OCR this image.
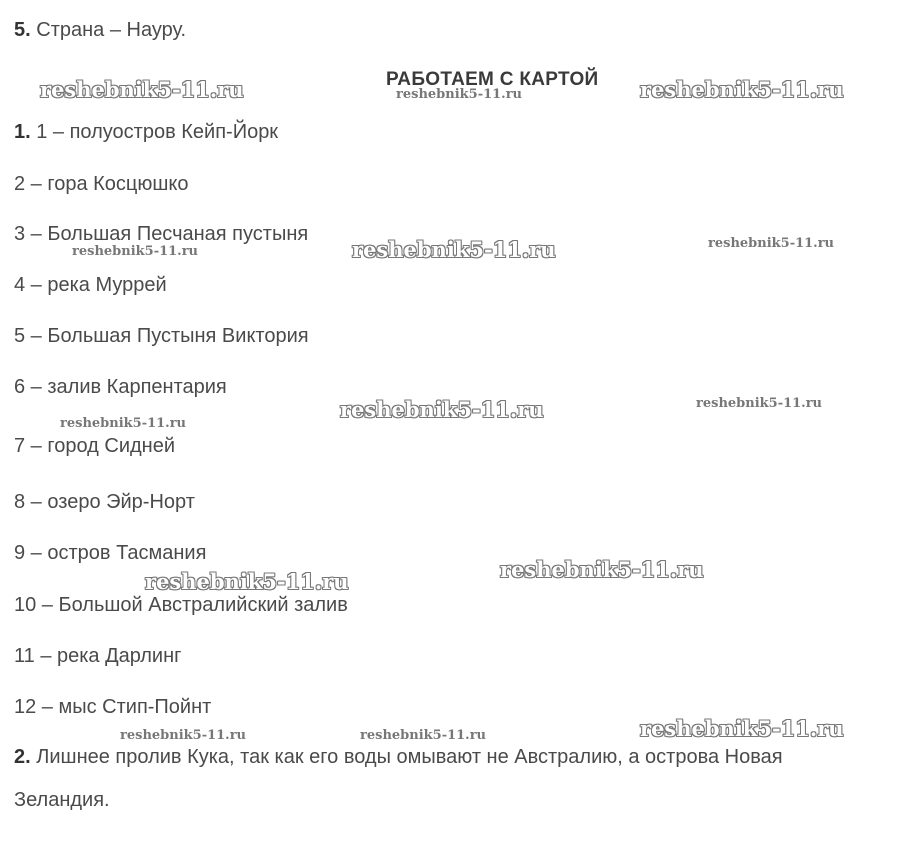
5. Страна – Науру.
РАБОТАЕМ С КАРТОЙ
1. 1 – полуостров Кейп-Йорк
2 – гора Косцюшко
3 – Большая Песчаная пустыня
4 – река Муррей
5 – Большая Пустыня Виктория
6 – залив Карпентария
7 – город Сидней
8 – озеро Эйр-Норт
9 – остров Тасмания
10 – Большой Австралийский залив
11 – река Дарлинг
12 – мыс Стип-Пойнт
2. Лишнее пролив Кука, так как его воды омывают не Австралию, а острова Новая
Зеландия.
reshebnik5-11.ru	reshebnik5-11.ru	reshebnik5-11.ru
reshebnik5-11.ru	reshebnik5-11.ru	reshebnik5-11.ru
reshebnik5-11.ru
reshebnik5-11.ru	reshebnik5-11.ru
reshebnik5-11.ru	reshebnik5-11.ru
reshebnik5-11.ru	reshebnik5-11.ru	reshebnik5-11.ru
